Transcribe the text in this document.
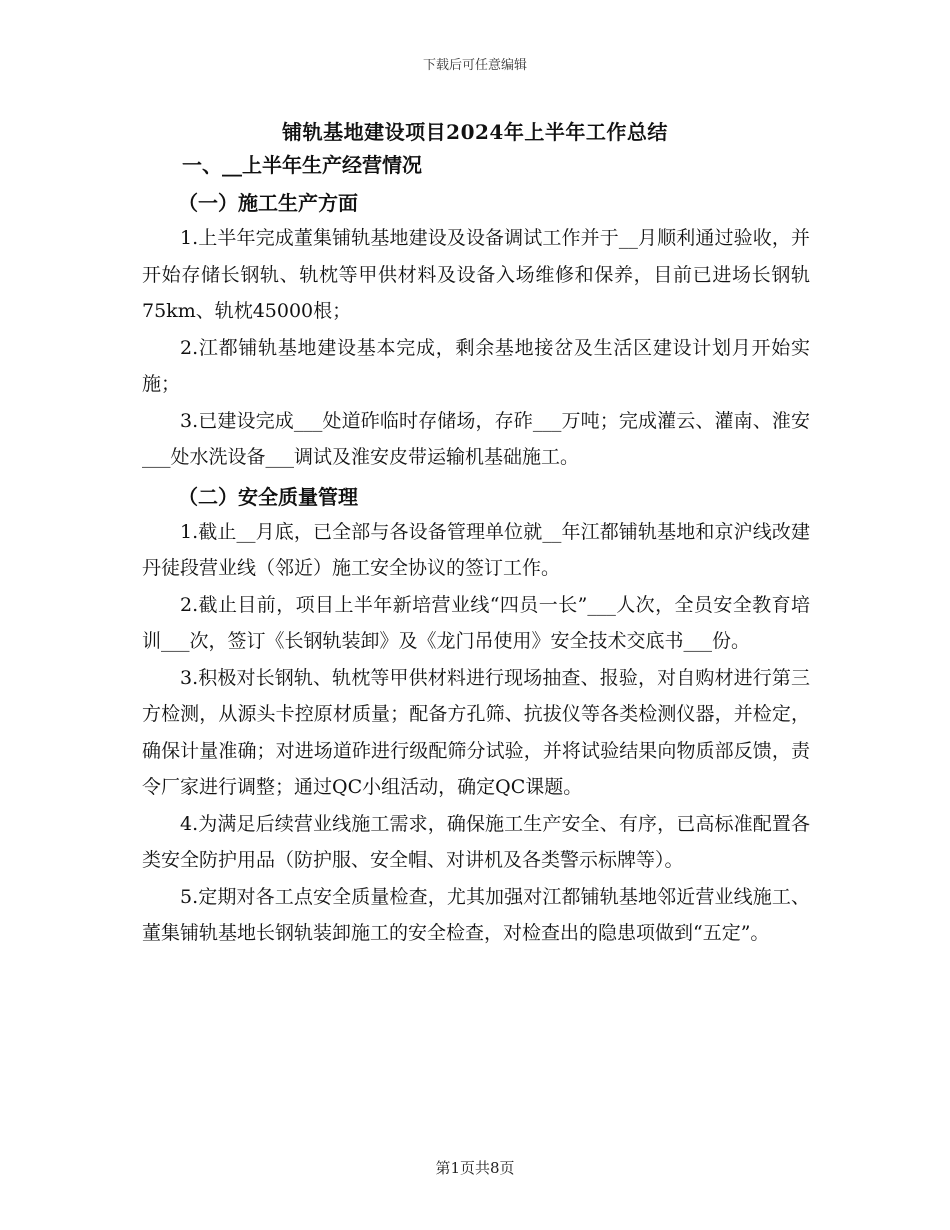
下载后可任意编辑
铺轨基地建设项目2024年上半年工作总结
一、__上半年生产经营情况
（一）施工生产方面

1.上半年完成董集铺轨基地建设及设备调试工作并于__月顺利通过验收，并开始存储长钢轨、轨枕等甲供材料及设备入场维修和保养，目前已进场长钢轨75km、轨枕45000根；

2.江都铺轨基地建设基本完成，剩余基地接岔及生活区建设计划月开始实施；

3.已建设完成___处道砟临时存储场，存砟___万吨；完成灌云、灌南、淮安___处水洗设备___调试及淮安皮带运输机基础施工。

（二）安全质量管理

1.截止__月底，已全部与各设备管理单位就__年江都铺轨基地和京沪线改建丹徒段营业线（邻近）施工安全协议的签订工作。

2.截止目前，项目上半年新培营业线“四员一长”___人次，全员安全教育培训___次，签订《长钢轨装卸》及《龙门吊使用》安全技术交底书___份。

3.积极对长钢轨、轨枕等甲供材料进行现场抽查、报验，对自购材进行第三方检测，从源头卡控原材质量；配备方孔筛、抗拔仪等各类检测仪器，并检定，确保计量准确；对进场道砟进行级配筛分试验，并将试验结果向物质部反馈，责令厂家进行调整；通过QC小组活动，确定QC课题。

4.为满足后续营业线施工需求，确保施工生产安全、有序，已高标准配置各类安全防护用品（防护服、安全帽、对讲机及各类警示标牌等）。

5.定期对各工点安全质量检查，尤其加强对江都铺轨基地邻近营业线施工、董集铺轨基地长钢轨装卸施工的安全检查，对检查出的隐患项做到“五定”。

第1页共8页
